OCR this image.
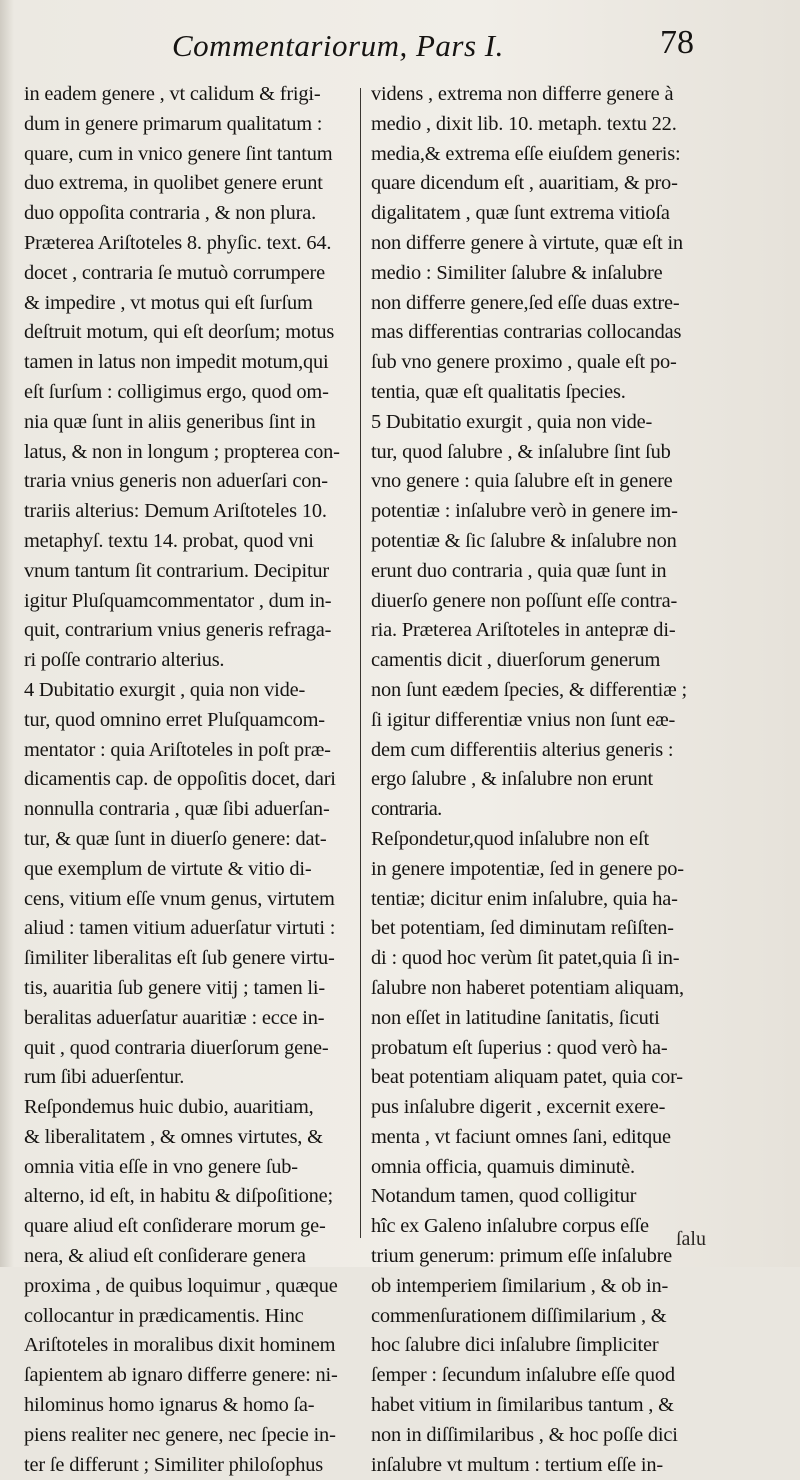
Commentariorum, Pars I.	78
in eadem genere , vt calidum & frigi-
dum in genere primarum qualitatum :
quare, cum in vnico genere ſint tantum
duo extrema, in quolibet genere erunt
duo oppoſita contraria , & non plura.
Præterea Ariſtoteles 8. phyſic. text. 64.
docet , contraria ſe mutuò corrumpere
& impedire , vt motus qui eſt ſurſum
deſtruit motum, qui eſt deorſum; motus
tamen in latus non impedit motum,qui
eſt ſurſum : colligimus ergo, quod om-
nia quæ ſunt in aliis generibus ſint in
latus, & non in longum ; propterea con-
traria vnius generis non aduerſari con-
trariis alterius: Demum Ariſtoteles 10.
metaphyſ. textu 14. probat, quod vni
vnum tantum ſit contrarium. Decipitur
igitur Pluſquamcommentator , dum in-
quit, contrarium vnius generis refraga-
ri poſſe contrario alterius.
4 Dubitatio exurgit , quia non vide-
tur, quod omnino erret Pluſquamcom-
mentator : quia Ariſtoteles in poſt præ-
dicamentis cap. de oppoſitis docet, dari
nonnulla contraria , quæ ſibi aduerſan-
tur, & quæ ſunt in diuerſo genere: dat-
que exemplum de virtute & vitio di-
cens, vitium eſſe vnum genus, virtutem
aliud : tamen vitium aduerſatur virtuti :
ſimiliter liberalitas eſt ſub genere virtu-
tis, auaritia ſub genere vitij ; tamen li-
beralitas aduerſatur auaritiæ : ecce in-
quit , quod contraria diuerſorum gene-
rum ſibi aduerſentur.
Reſpondemus huic dubio, auaritiam,
& liberalitatem , & omnes virtutes, &
omnia vitia eſſe in vno genere ſub-
alterno, id eſt, in habitu & diſpoſitione;
quare aliud eſt conſiderare morum ge-
nera, & aliud eſt conſiderare genera
proxima , de quibus loquimur , quæque
collocantur in prædicamentis. Hinc
Ariſtoteles in moralibus dixit hominem
ſapientem ab ignaro differre genere: ni-
hilominus homo ignarus & homo ſa-
piens realiter nec genere, nec ſpecie in-
ter ſe differunt ; Similiter philoſophus
videns , extrema non differre genere à
medio , dixit lib. 10. metaph. textu 22.
media,& extrema eſſe eiuſdem generis:
quare dicendum eſt , auaritiam, & pro-
digalitatem , quæ ſunt extrema vitioſa
non differre genere à virtute, quæ eſt in
medio : Similiter ſalubre & inſalubre
non differre genere,ſed eſſe duas extre-
mas differentias contrarias collocandas
ſub vno genere proximo , quale eſt po-
tentia, quæ eſt qualitatis ſpecies.
5 Dubitatio exurgit , quia non vide-
tur, quod ſalubre , & inſalubre ſint ſub
vno genere : quia ſalubre eſt in genere
potentiæ : inſalubre verò in genere im-
potentiæ & ſic ſalubre & inſalubre non
erunt duo contraria , quia quæ ſunt in
diuerſo genere non poſſunt eſſe contra-
ria. Præterea Ariſtoteles in antepræ di-
camentis dicit , diuerſorum generum
non ſunt eædem ſpecies, & differentiæ ;
ſi igitur differentiæ vnius non ſunt eæ-
dem cum differentiis alterius generis :
ergo ſalubre , & inſalubre non erunt
contraria.
Reſpondetur,quod inſalubre non eſt
in genere impotentiæ, ſed in genere po-
tentiæ; dicitur enim inſalubre, quia ha-
bet potentiam, ſed diminutam reſiſten-
di : quod hoc verùm ſit patet,quia ſi in-
ſalubre non haberet potentiam aliquam,
non eſſet in latitudine ſanitatis, ſicuti
probatum eſt ſuperius : quod verò ha-
beat potentiam aliquam patet, quia cor-
pus inſalubre digerit , excernit exere-
menta , vt faciunt omnes ſani, editque
omnia officia, quamuis diminutè.
Notandum tamen, quod colligitur
hîc ex Galeno inſalubre corpus eſſe
trium generum: primum eſſe inſalubre
ob intemperiem ſimilarium , & ob in-
commenſurationem diſſimilarium , &
hoc ſalubre dici inſalubre ſimpliciter
ſemper : ſecundum inſalubre eſſe quod
habet vitium in ſimilaribus tantum , &
non in diſſimilaribus , & hoc poſſe dici
inſalubre vt multum : tertium eſſe in-
ſalu
